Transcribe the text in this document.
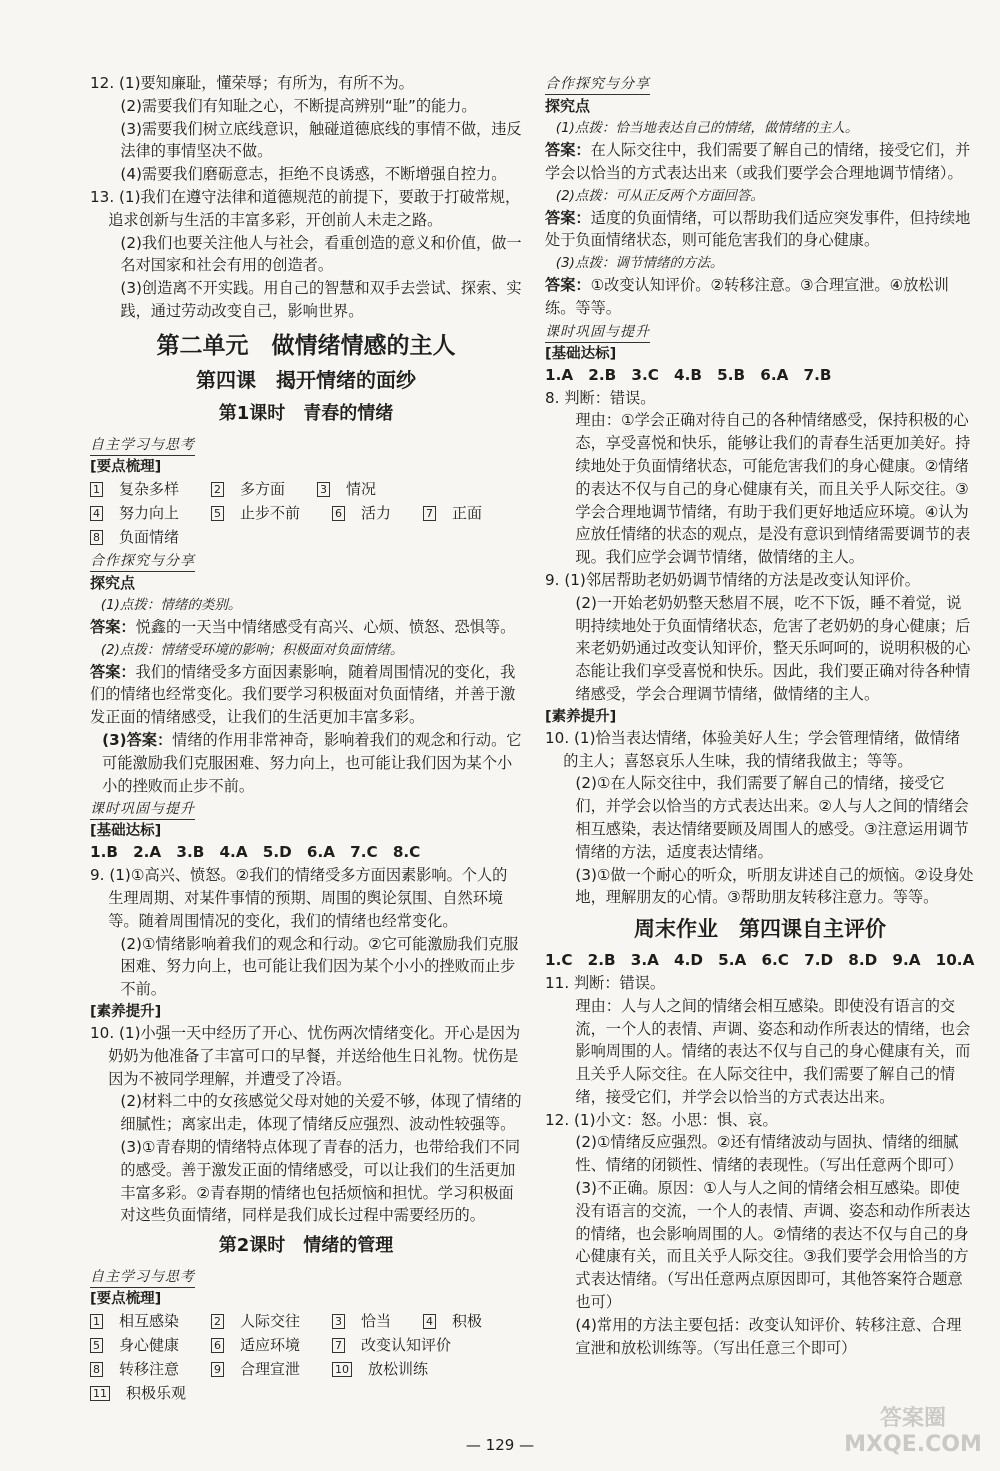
12. (1)要知廉耻，懂荣辱；有所为，有所不为。

(2)需要我们有知耻之心，不断提高辨别“耻”的能力。

(3)需要我们树立底线意识，触碰道德底线的事情不做，违反法律的事情坚决不做。

(4)需要我们磨砺意志，拒绝不良诱惑，不断增强自控力。

13. (1)我们在遵守法律和道德规范的前提下，要敢于打破常规，追求创新与生活的丰富多彩，开创前人未走之路。

(2)我们也要关注他人与社会，看重创造的意义和价值，做一名对国家和社会有用的创造者。

(3)创造离不开实践。用自己的智慧和双手去尝试、探索、实践，通过劳动改变自己，影响世界。

第二单元　做情绪情感的主人
第四课　揭开情绪的面纱
第1课时　青春的情绪
自主学习与思考
[要点梳理]
1 复杂多样	2 多方面	3 情况
4 努力向上	5 止步不前	6 活力	7 正面
8 负面情绪
合作探究与分享
探究点

(1)点拨：情绪的类别。

答案：悦鑫的一天当中情绪感受有高兴、心烦、愤怒、恐惧等。

(2)点拨：情绪受环境的影响；积极面对负面情绪。

答案：我们的情绪受多方面因素影响，随着周围情况的变化，我们的情绪也经常变化。我们要学习积极面对负面情绪，并善于激发正面的情绪感受，让我们的生活更加丰富多彩。

(3)答案：情绪的作用非常神奇，影响着我们的观念和行动。它可能激励我们克服困难、努力向上，也可能让我们因为某个小小的挫败而止步不前。

课时巩固与提升
[基础达标]

1.B　2.A　3.B　4.A　5.D　6.A　7.C　8.C

9. (1)①高兴、愤怒。②我们的情绪受多方面因素影响。个人的生理周期、对某件事情的预期、周围的舆论氛围、自然环境等。随着周围情况的变化，我们的情绪也经常变化。

(2)①情绪影响着我们的观念和行动。②它可能激励我们克服困难、努力向上，也可能让我们因为某个小小的挫败而止步不前。

[素养提升]

10. (1)小强一天中经历了开心、忧伤两次情绪变化。开心是因为奶奶为他准备了丰富可口的早餐，并送给他生日礼物。忧伤是因为不被同学理解，并遭受了冷语。

(2)材料二中的女孩感觉父母对她的关爱不够，体现了情绪的细腻性；离家出走，体现了情绪反应强烈、波动性较强等。

(3)①青春期的情绪特点体现了青春的活力，也带给我们不同的感受。善于激发正面的情绪感受，可以让我们的生活更加丰富多彩。②青春期的情绪也包括烦恼和担忧。学习积极面对这些负面情绪，同样是我们成长过程中需要经历的。

第2课时　情绪的管理
自主学习与思考
[要点梳理]
1 相互感染	2 人际交往	3 恰当	4 积极
5 身心健康	6 适应环境	7 改变认知评价
8 转移注意	9 合理宣泄	10 放松训练
11 积极乐观
合作探究与分享
探究点

(1)点拨：恰当地表达自己的情绪，做情绪的主人。

答案：在人际交往中，我们需要了解自己的情绪，接受它们，并学会以恰当的方式表达出来（或我们要学会合理地调节情绪）。

(2)点拨：可从正反两个方面回答。

答案：适度的负面情绪，可以帮助我们适应突发事件，但持续地处于负面情绪状态，则可能危害我们的身心健康。

(3)点拨：调节情绪的方法。

答案：①改变认知评价。②转移注意。③合理宣泄。④放松训练。等等。

课时巩固与提升
[基础达标]

1.A　2.B　3.C　4.B　5.B　6.A　7.B

8. 判断：错误。

理由：①学会正确对待自己的各种情绪感受，保持积极的心态，享受喜悦和快乐，能够让我们的青春生活更加美好。持续地处于负面情绪状态，可能危害我们的身心健康。②情绪的表达不仅与自己的身心健康有关，而且关乎人际交往。③学会合理地调节情绪，有助于我们更好地适应环境。④认为应放任情绪的状态的观点，是没有意识到情绪需要调节的表现。我们应学会调节情绪，做情绪的主人。

9. (1)邻居帮助老奶奶调节情绪的方法是改变认知评价。

(2)一开始老奶奶整天愁眉不展，吃不下饭，睡不着觉，说明持续地处于负面情绪状态，危害了老奶奶的身心健康；后来老奶奶通过改变认知评价，整天乐呵呵的，说明积极的心态能让我们享受喜悦和快乐。因此，我们要正确对待各种情绪感受，学会合理调节情绪，做情绪的主人。

[素养提升]

10. (1)恰当表达情绪，体验美好人生；学会管理情绪，做情绪的主人；喜怒哀乐人生味，我的情绪我做主；等等。

(2)①在人际交往中，我们需要了解自己的情绪，接受它们，并学会以恰当的方式表达出来。②人与人之间的情绪会相互感染，表达情绪要顾及周围人的感受。③注意运用调节情绪的方法，适度表达情绪。

(3)①做一个耐心的听众，听朋友讲述自己的烦恼。②设身处地，理解朋友的心情。③帮助朋友转移注意力。等等。

周末作业　第四课自主评价

1.C　2.B　3.A　4.D　5.A　6.C　7.D　8.D　9.A　10.A

11. 判断：错误。

理由：人与人之间的情绪会相互感染。即使没有语言的交流，一个人的表情、声调、姿态和动作所表达的情绪，也会影响周围的人。情绪的表达不仅与自己的身心健康有关，而且关乎人际交往。在人际交往中，我们需要了解自己的情绪，接受它们，并学会以恰当的方式表达出来。

12. (1)小文：怒。小思：惧、哀。

(2)①情绪反应强烈。②还有情绪波动与固执、情绪的细腻性、情绪的闭锁性、情绪的表现性。（写出任意两个即可）

(3)不正确。原因：①人与人之间的情绪会相互感染。即使没有语言的交流，一个人的表情、声调、姿态和动作所表达的情绪，也会影响周围的人。②情绪的表达不仅与自己的身心健康有关，而且关乎人际交往。③我们要学会用恰当的方式表达情绪。（写出任意两点原因即可，其他答案符合题意也可）

(4)常用的方法主要包括：改变认知评价、转移注意、合理宣泄和放松训练等。（写出任意三个即可）

— 129 —
答案圈 MXQE.COM
